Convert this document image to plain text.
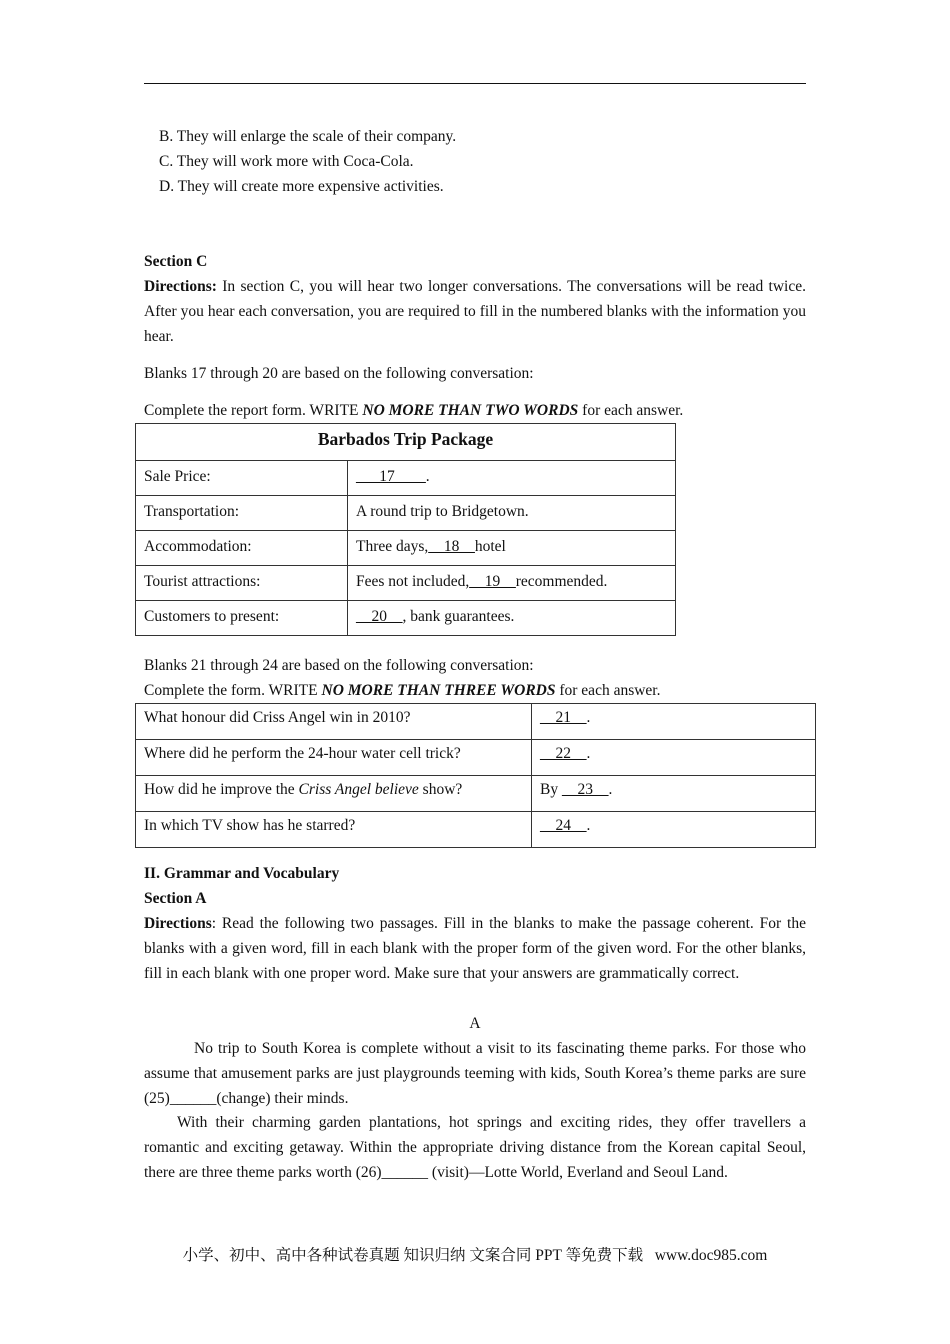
B. They will enlarge the scale of their company.
C. They will work more with Coca-Cola.
D. They will create more expensive activities.
Section C
Directions: In section C, you will hear two longer conversations. The conversations will be read twice. After you hear each conversation, you are required to fill in the numbered blanks with the information you hear.
Blanks 17 through 20 are based on the following conversation:
Complete the report form. WRITE NO MORE THAN TWO WORDS for each answer.
Barbados Trip Package	
Sale Price:	___17____.
Transportation:	A round trip to Bridgetown.
Accommodation:	Three days,__18__hotel
Tourist attractions:	Fees not included,__19__recommended.
Customers to present:	__20__, bank guarantees.
Blanks 21 through 24 are based on the following conversation:
Complete the form. WRITE NO MORE THAN THREE WORDS for each answer.
What honour did Criss Angel win in 2010?	__21__.
Where did he perform the 24-hour water cell trick?	__22__.
How did he improve the Criss Angel believe show?	By __23__.
In which TV show has he starred?	__24__.
II. Grammar and Vocabulary
Section A
Directions: Read the following two passages. Fill in the blanks to make the passage coherent. For the blanks with a given word, fill in each blank with the proper form of the given word. For the other blanks, fill in each blank with one proper word. Make sure that your answers are grammatically correct.
A
No trip to South Korea is complete without a visit to its fascinating theme parks. For those who assume that amusement parks are just playgrounds teeming with kids, South Korea’s theme parks are sure (25)______(change) their minds.
With their charming garden plantations, hot springs and exciting rides, they offer travellers a romantic and exciting getaway. Within the appropriate driving distance from the Korean capital Seoul, there are three theme parks worth (26)______ (visit)—Lotte World, Everland and Seoul Land.
小学、初中、高中各种试卷真题 知识归纳 文案合同 PPT 等免费下载   www.doc985.com
